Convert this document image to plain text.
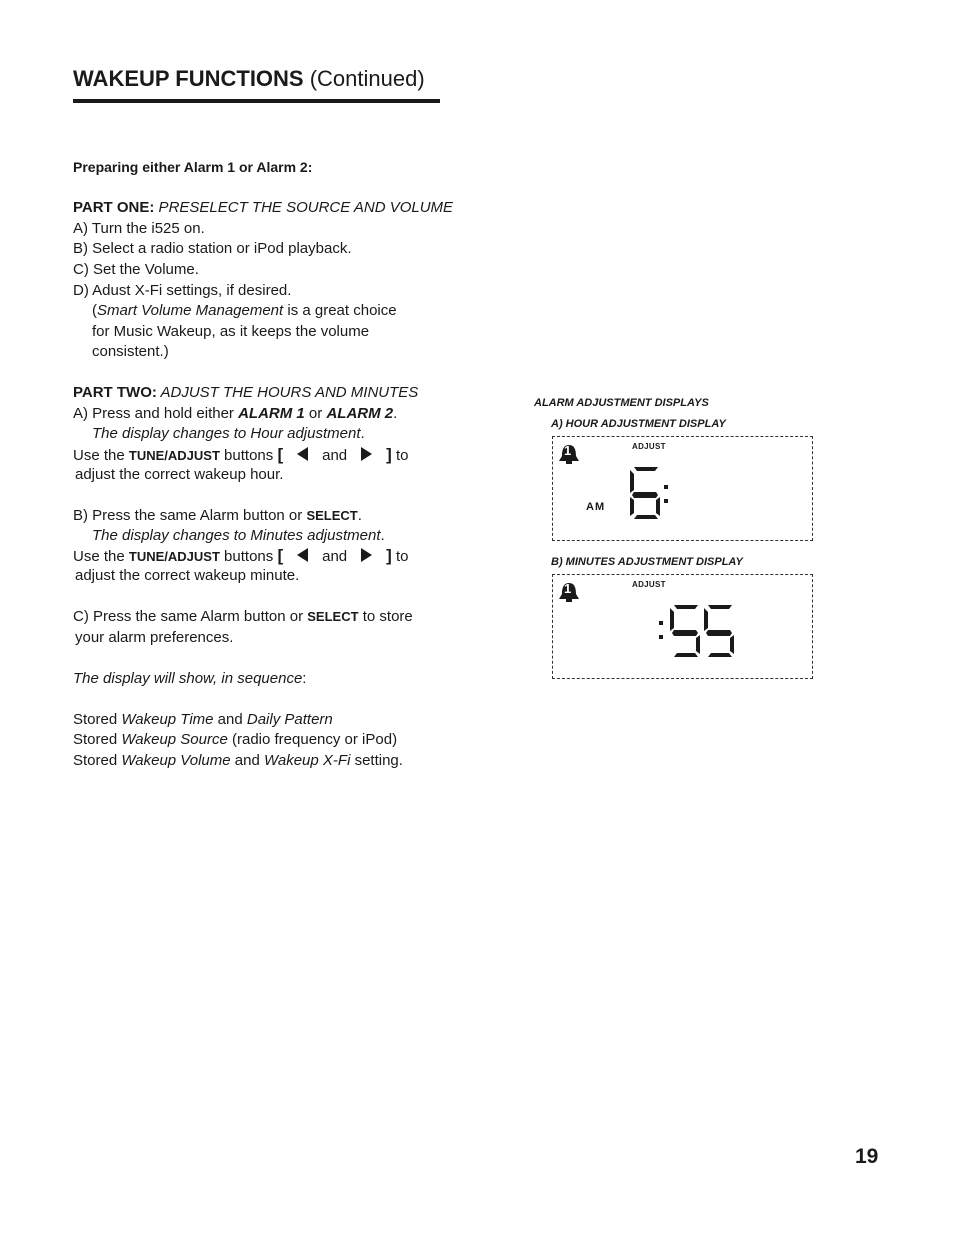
WAKEUP FUNCTIONS (Continued)
Preparing either Alarm 1 or Alarm 2:
PART ONE: PRESELECT THE SOURCE AND VOLUME
A) Turn the i525 on.
B) Select a radio station or iPod playback.
C) Set the Volume.
D) Adust X-Fi settings, if desired.
(Smart Volume Management is a great choice
for Music Wakeup, as it keeps the volume
consistent.)
PART TWO: ADJUST THE HOURS AND MINUTES
A) Press and hold either ALARM 1 or ALARM 2.
The display changes to Hour adjustment.
Use the TUNE/ADJUST buttons [	and ] to
adjust the correct wakeup hour.
B) Press the same Alarm button or SELECT.
The display changes to Minutes adjustment.
Use the TUNE/ADJUST buttons [	and ] to
adjust the correct wakeup minute.
C) Press the same Alarm button or SELECT to store
your alarm preferences.
The display will show, in sequence:
Stored Wakeup Time and Daily Pattern
Stored Wakeup Source (radio frequency or iPod)
Stored Wakeup Volume and Wakeup X-Fi setting.
ALARM ADJUSTMENT DISPLAYS
A) HOUR ADJUSTMENT DISPLAY
1	ADJUST
AM
B) MINUTES ADJUSTMENT DISPLAY
1	ADJUST
19
